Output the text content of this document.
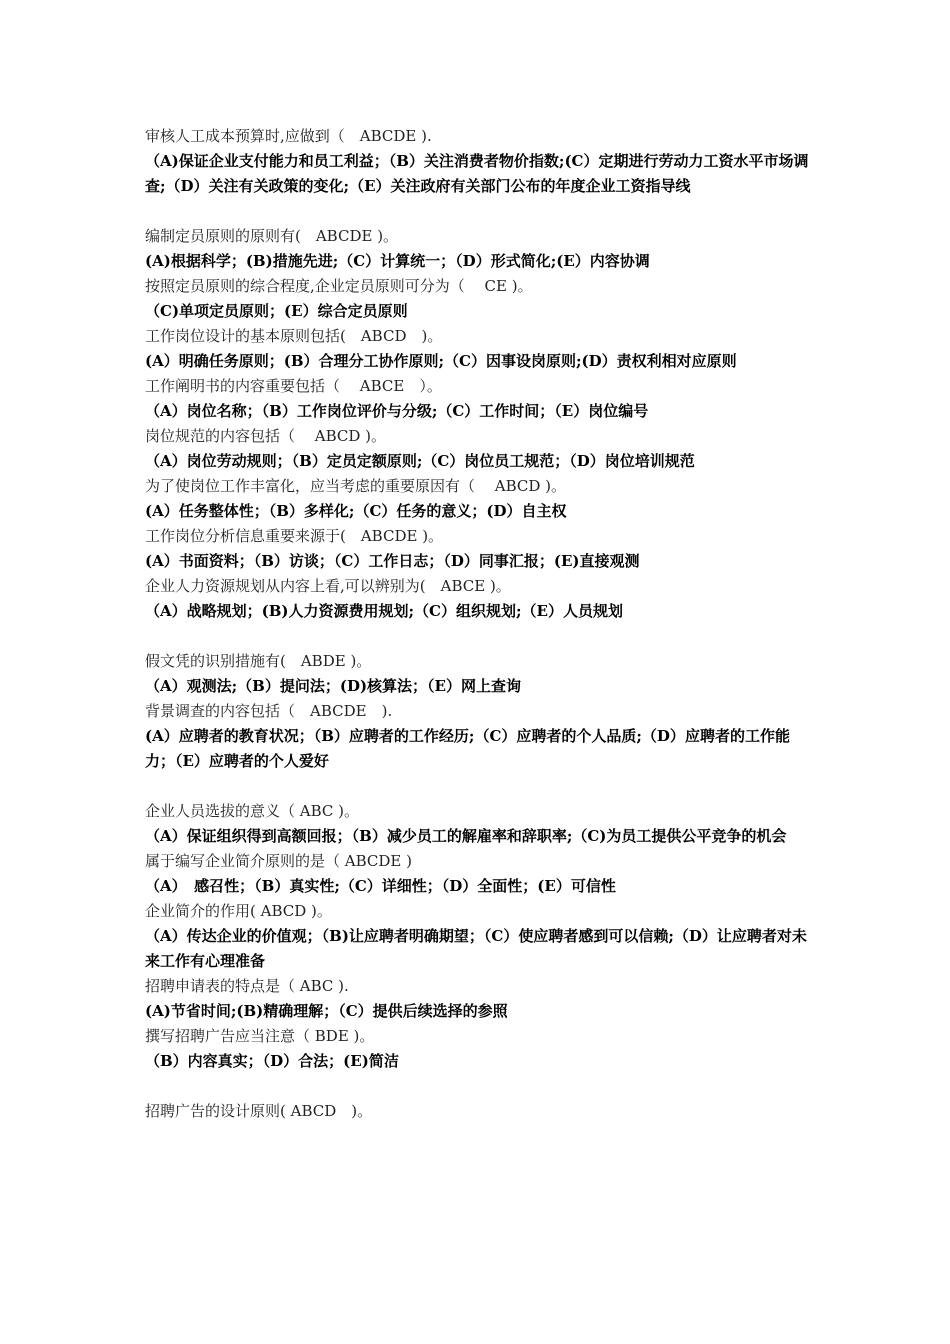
审核人工成本预算时,应做到（　ABCDE ).
（A)保证企业支付能力和员工利益；（B）关注消费者物价指数;(C）定期进行劳动力工资水平市场调查;（D）关注有关政策的变化;（E）关注政府有关部门公布的年度企业工资指导线
编制定员原则的原则有(　ABCDE )。
(A)根据科学；(B)措施先进;（C）计算统一；（D）形式简化;(E）内容协调
按照定员原则的综合程度,企业定员原则可分为（　 CE )。
（C)单项定员原则；(E）综合定员原则
工作岗位设计的基本原则包括(　ABCD　)。
(A）明确任务原则；(B）合理分工协作原则;（C）因事设岗原则;(D）责权利相对应原则
工作阐明书的内容重要包括（　 ABCE　）。
（A）岗位名称；（B）工作岗位评价与分级;（C）工作时间；（E）岗位编号
岗位规范的内容包括（　 ABCD )。
（A）岗位劳动规则；（B）定员定额原则;（C）岗位员工规范；（D）岗位培训规范
为了使岗位工作丰富化，应当考虑的重要原因有（　 ABCD )。
(A）任务整体性；（B）多样化;（C）任务的意义；(D）自主权
工作岗位分析信息重要来源于(　ABCDE )。
(A）书面资料；（B）访谈；（C）工作日志；（D）同事汇报；(E)直接观测
企业人力资源规划从内容上看,可以辨别为(　ABCE )。
（A）战略规划；(B)人力资源费用规划;（C）组织规划;（E）人员规划
假文凭的识别措施有(　ABDE )。
（A）观测法;（B）提问法；(D)核算法；（E）网上查询
背景调查的内容包括（　ABCDE　).
(A）应聘者的教育状况；（B）应聘者的工作经历;（C）应聘者的个人品质;（D）应聘者的工作能力；（E）应聘者的个人爱好
企业人员选拔的意义（ ABC )。
（A）保证组织得到高额回报；（B）减少员工的解雇率和辞职率;（C)为员工提供公平竞争的机会
属于编写企业简介原则的是（ ABCDE )
（A）　感召性；（B）真实性;（C）详细性；（D）全面性；(E）可信性
企业简介的作用( ABCD )。
（A）传达企业的价值观；（B)让应聘者明确期望；（C）使应聘者感到可以信赖;（D）让应聘者对未来工作有心理准备
招聘申请表的特点是（ ABC ).
(A)节省时间;(B)精确理解；（C）提供后续选择的参照
撰写招聘广告应当注意（ BDE )。
（B）内容真实；（D）合法；(E)简洁
招聘广告的设计原则( ABCD　)。
